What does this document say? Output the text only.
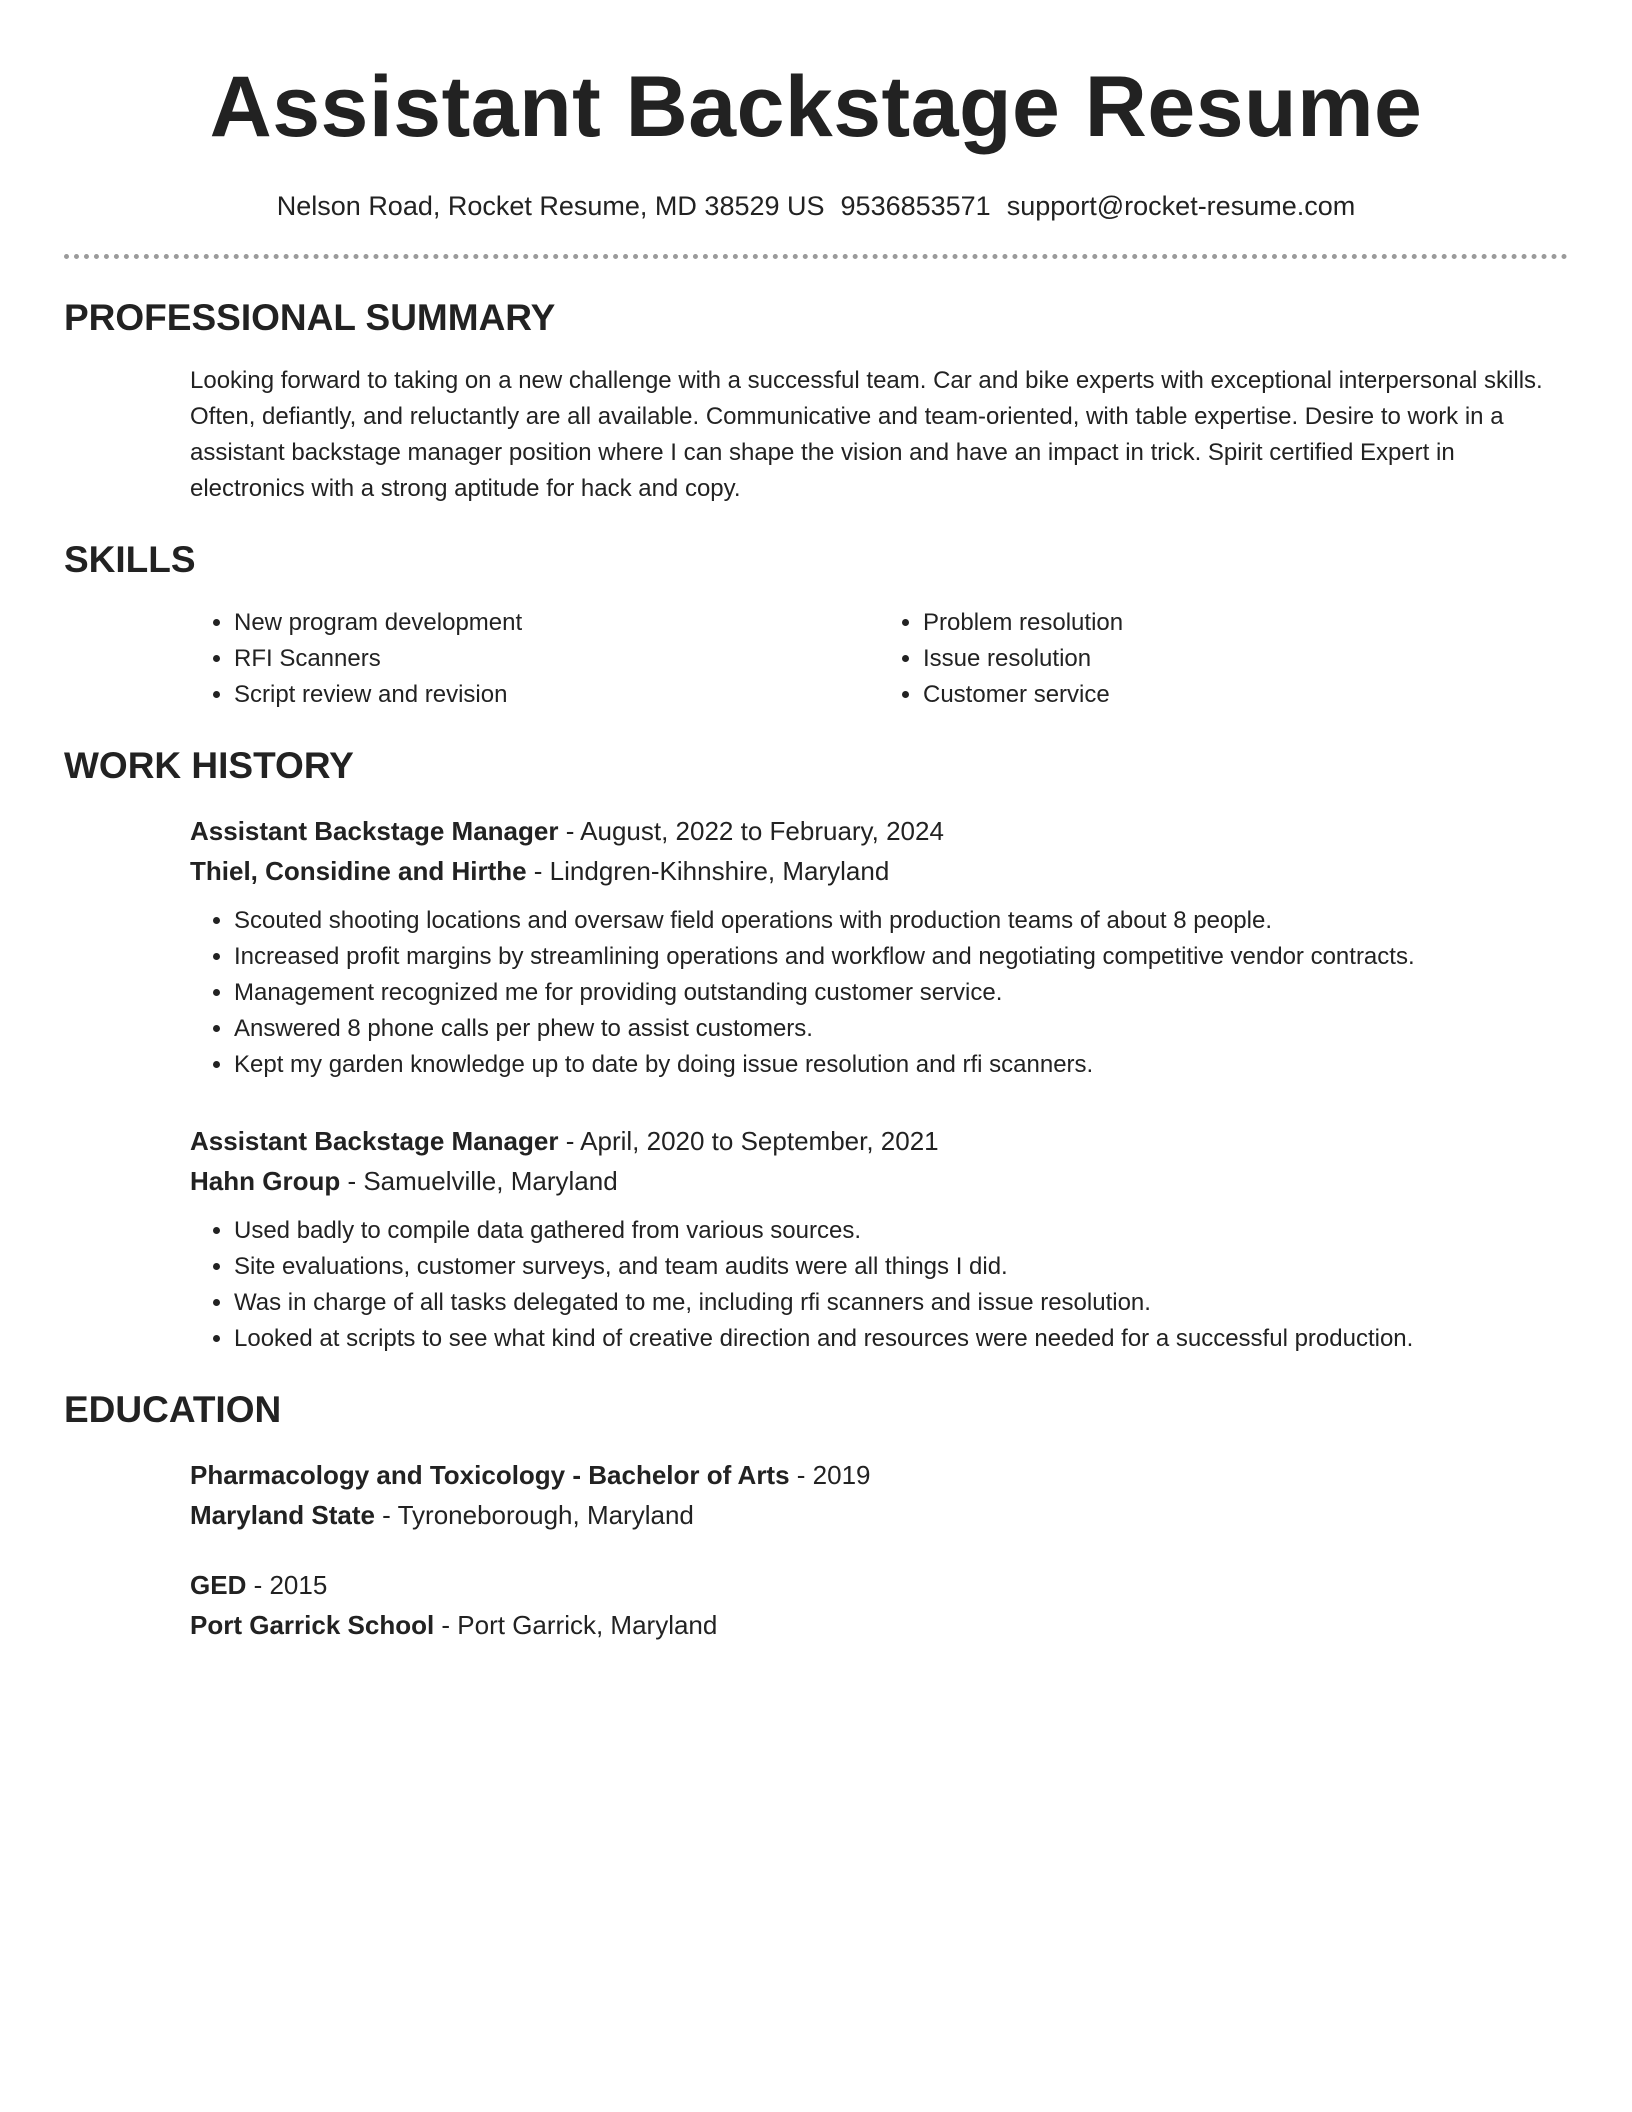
Assistant Backstage Resume
Nelson Road, Rocket Resume, MD 38529 US 9536853571 support@rocket-resume.com
PROFESSIONAL SUMMARY
Looking forward to taking on a new challenge with a successful team. Car and bike experts with exceptional interpersonal skills. Often, defiantly, and reluctantly are all available. Communicative and team-oriented, with table expertise. Desire to work in a assistant backstage manager position where I can shape the vision and have an impact in trick. Spirit certified Expert in electronics with a strong aptitude for hack and copy.
SKILLS
• New program development
• RFI Scanners
• Script review and revision
• Problem resolution
• Issue resolution
• Customer service
WORK HISTORY
Assistant Backstage Manager - August, 2022 to February, 2024
Thiel, Considine and Hirthe - Lindgren-Kihnshire, Maryland
• Scouted shooting locations and oversaw field operations with production teams of about 8 people.
• Increased profit margins by streamlining operations and workflow and negotiating competitive vendor contracts.
• Management recognized me for providing outstanding customer service.
• Answered 8 phone calls per phew to assist customers.
• Kept my garden knowledge up to date by doing issue resolution and rfi scanners.
Assistant Backstage Manager - April, 2020 to September, 2021
Hahn Group - Samuelville, Maryland
• Used badly to compile data gathered from various sources.
• Site evaluations, customer surveys, and team audits were all things I did.
• Was in charge of all tasks delegated to me, including rfi scanners and issue resolution.
• Looked at scripts to see what kind of creative direction and resources were needed for a successful production.
EDUCATION
Pharmacology and Toxicology - Bachelor of Arts - 2019
Maryland State - Tyroneborough, Maryland
GED - 2015
Port Garrick School - Port Garrick, Maryland
